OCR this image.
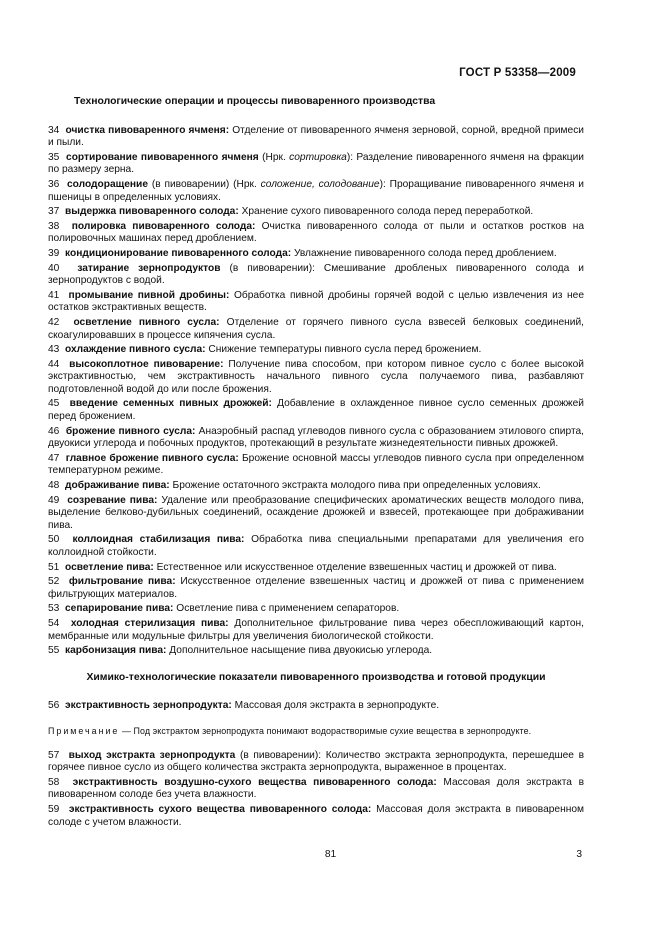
ГОСТ Р 53358—2009
Технологические операции и процессы пивоваренного производства

34 очистка пивоваренного ячменя: Отделение от пивоваренного ячменя зерновой, сорной, вредной примеси и пыли.

35 сортирование пивоваренного ячменя (Нрк. сортировка): Разделение пивоваренного ячменя на фракции по размеру зерна.

36 солодоращение (в пивоварении) (Нрк. соложение, солодование): Проращивание пивоваренного ячменя и пшеницы в определенных условиях.

37 выдержка пивоваренного солода: Хранение сухого пивоваренного солода перед переработкой.

38 полировка пивоваренного солода: Очистка пивоваренного солода от пыли и остатков ростков на полировочных машинах перед дроблением.

39 кондиционирование пивоваренного солода: Увлажнение пивоваренного солода перед дроблением.

40 затирание зернопродуктов (в пивоварении): Смешивание дробленых пивоваренного солода и зернопродуктов с водой.

41 промывание пивной дробины: Обработка пивной дробины горячей водой с целью извлечения из нее остатков экстрактивных веществ.

42 осветление пивного сусла: Отделение от горячего пивного сусла взвесей белковых соединений, скоагулировавших в процессе кипячения сусла.

43 охлаждение пивного сусла: Снижение температуры пивного сусла перед брожением.

44 высокоплотное пивоварение: Получение пива способом, при котором пивное сусло с более высокой экстрактивностью, чем экстрактивность начального пивного сусла получаемого пива, разбавляют подготовленной водой до или после брожения.

45 введение семенных пивных дрожжей: Добавление в охлажденное пивное сусло семенных дрожжей перед брожением.

46 брожение пивного сусла: Анаэробный распад углеводов пивного сусла с образованием этилового спирта, двуокиси углерода и побочных продуктов, протекающий в результате жизнедеятельности пивных дрожжей.

47 главное брожение пивного сусла: Брожение основной массы углеводов пивного сусла при определенном температурном режиме.

48 дображивание пива: Брожение остаточного экстракта молодого пива при определенных условиях.

49 созревание пива: Удаление или преобразование специфических ароматических веществ молодого пива, выделение белково-дубильных соединений, осаждение дрожжей и взвесей, протекающее при дображивании пива.

50 коллоидная стабилизация пива: Обработка пива специальными препаратами для увеличения его коллоидной стойкости.

51 осветление пива: Естественное или искусственное отделение взвешенных частиц и дрожжей от пива.

52 фильтрование пива: Искусственное отделение взвешенных частиц и дрожжей от пива с применением фильтрующих материалов.

53 сепарирование пива: Осветление пива с применением сепараторов.

54 холодная стерилизация пива: Дополнительное фильтрование пива через обеспложивающий картон, мембранные или модульные фильтры для увеличения биологической стойкости.

55 карбонизация пива: Дополнительное насыщение пива двуокисью углерода.

Химико-технологические показатели пивоваренного производства и готовой продукции

56 экстрактивность зернопродукта: Массовая доля экстракта в зернопродукте.

Примечание — Под экстрактом зернопродукта понимают водорастворимые сухие вещества в зернопродукте.

57 выход экстракта зернопродукта (в пивоварении): Количество экстракта зернопродукта, перешедшее в горячее пивное сусло из общего количества экстракта зернопродукта, выраженное в процентах.

58 экстрактивность воздушно-сухого вещества пивоваренного солода: Массовая доля экстракта в пивоваренном солоде без учета влажности.

59 экстрактивность сухого вещества пивоваренного солода: Массовая доля экстракта в пивоваренном солоде с учетом влажности.

81	3
